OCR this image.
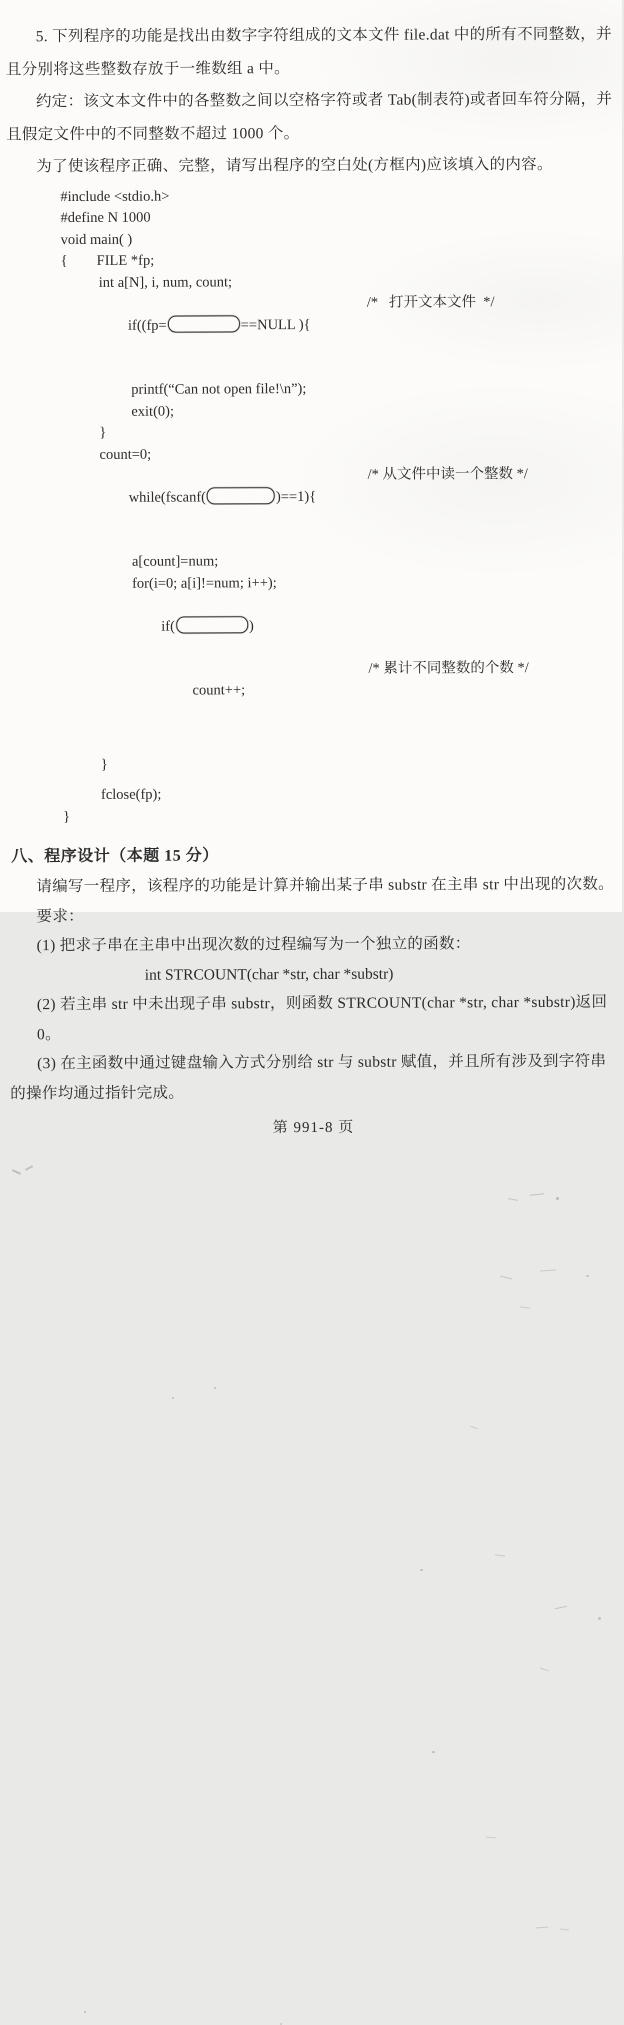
5. 下列程序的功能是找出由数字字符组成的文本文件 file.dat 中的所有不同整数，并
且分别将这些整数存放于一维数组 a 中。
约定：该文本文件中的各整数之间以空格字符或者 Tab(制表符)或者回车符分隔，并
且假定文件中的不同整数不超过 1000 个。
为了使该程序正确、完整，请写出程序的空白处(方框内)应该填入的内容。
#include <stdio.h>
#define N 1000
void main( )
{        FILE *fp;
int a[N], i, num, count;

if((fp=	==NULL ){

/*   打开文本文件  */

printf(“Can not open file!\n”);
exit(0);
}
count=0;

while(fscanf(	)==1){

/* 从文件中读一个整数 */

a[count]=num;
for(i=0; a[i]!=num; i++);

if(	)

count++;

/* 累计不同整数的个数 */

}
fclose(fp);
}
八、程序设计（本题 15 分）
请编写一程序，该程序的功能是计算并输出某子串 substr 在主串 str 中出现的次数。
要求：
(1) 把求子串在主串中出现次数的过程编写为一个独立的函数：
int STRCOUNT(char *str, char *substr)
(2) 若主串 str 中未出现子串 substr，则函数 STRCOUNT(char *str, char *substr)返回 0。
(3) 在主函数中通过键盘输入方式分别给 str 与 substr 赋值，并且所有涉及到字符串
的操作均通过指针完成。
第 991-8 页
